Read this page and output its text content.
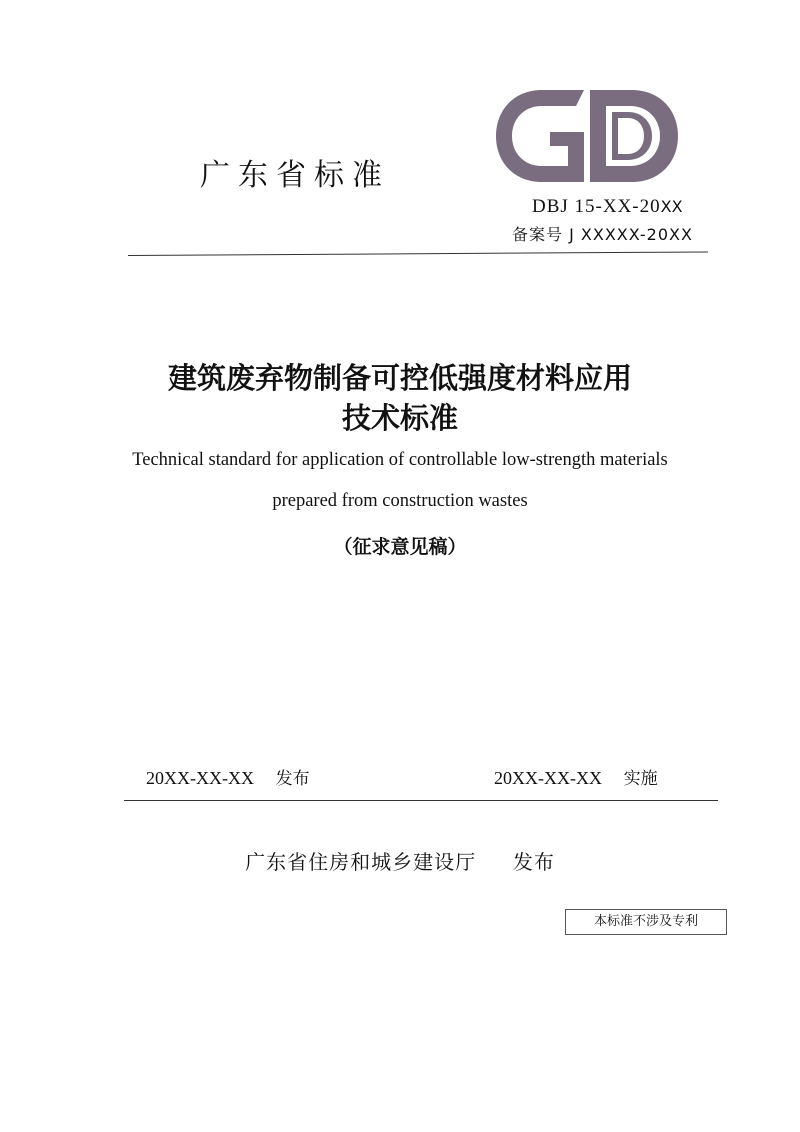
广东省标准
DBJ 15-XX-20XX
备案号 J XXXXX-20XX
建筑废弃物制备可控低强度材料应用
技术标准
Technical standard for application of controllable low-strength materials
prepared from construction wastes
（征求意见稿）
20XX-XX-XX 发布	20XX-XX-XX 实施
广东省住房和城乡建设厅 发布
本标准不涉及专利
